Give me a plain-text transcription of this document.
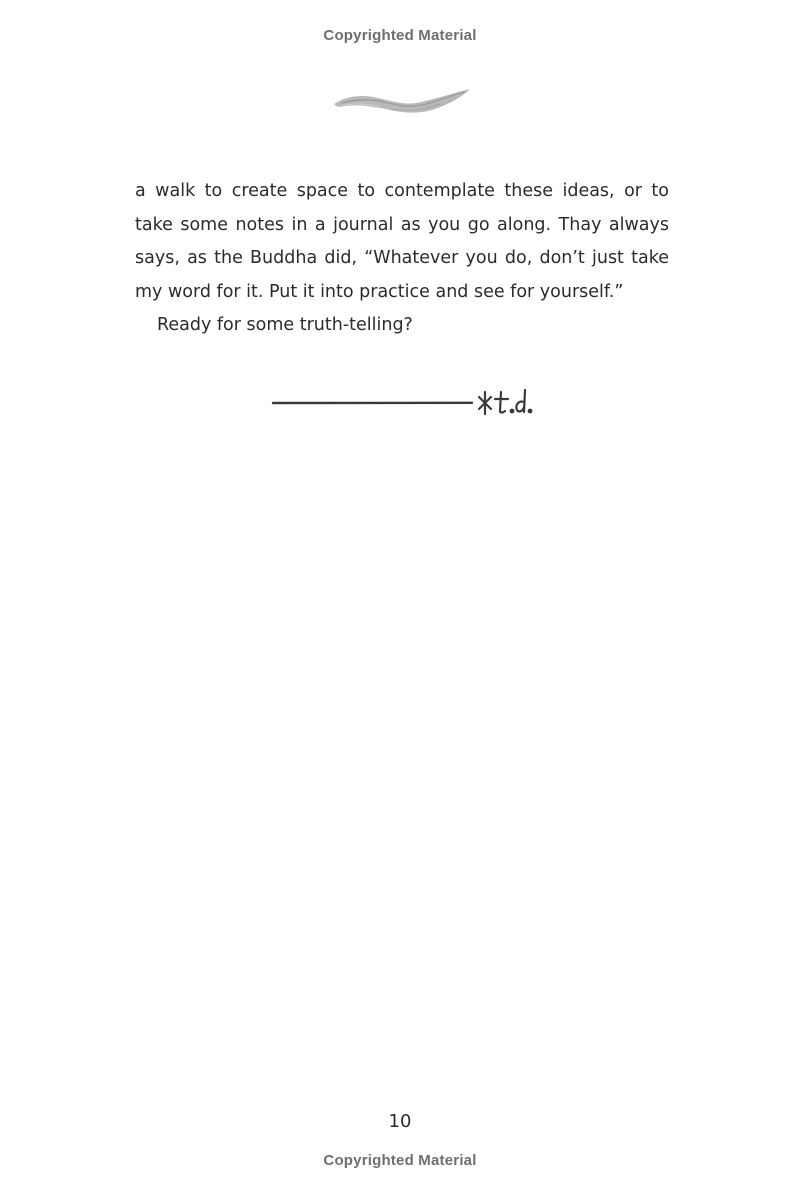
Copyrighted Material

a walk to create space to contemplate these ideas, or to take some notes in a journal as you go along. Thay always says, as the Buddha did, “Whatever you do, don’t just take my word for it. Put it into practice and see for yourself.”

Ready for some truth-telling?

10
Copyrighted Material
